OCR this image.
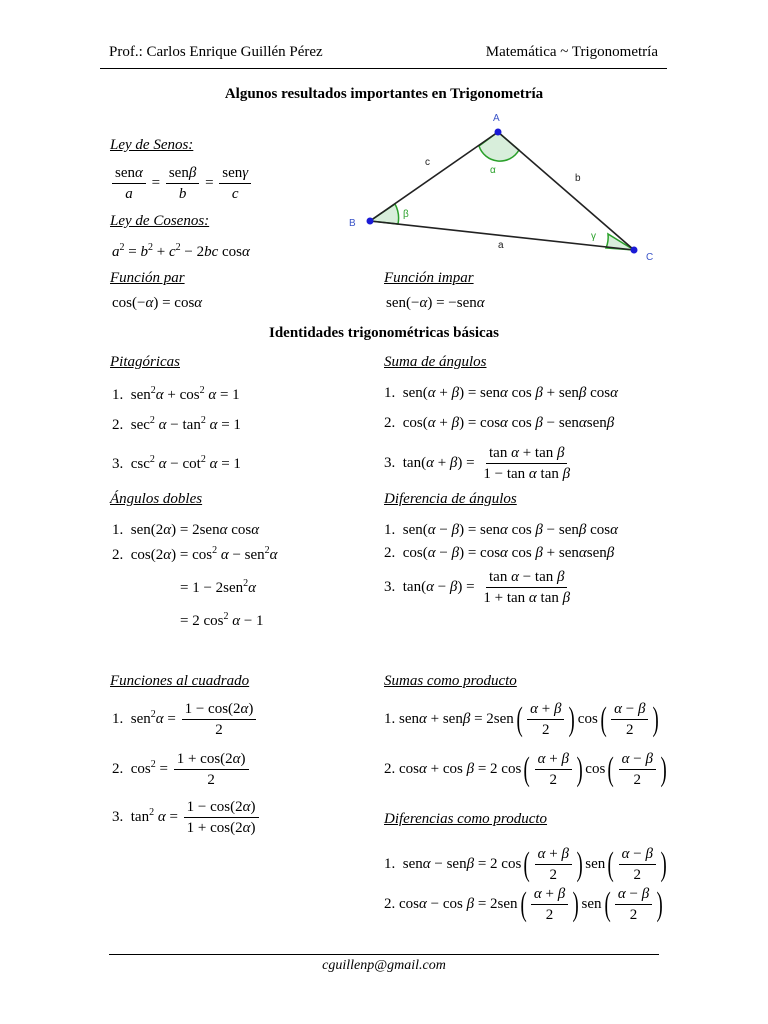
Prof.: Carlos Enrique Guillén Pérez	Matemática ~ Trigonometría
Algunos resultados importantes en Trigonometría
Ley de Senos:
$\frac{\text{senα}}{a} = \frac{\text{senβ}}{b} = \frac{\text{senγ}}{c}$
Ley de Cosenos:
$a^2 = b^2 + c^2 - 2bc$ cosα
A
B
C
c
b
a
α
β
γ
Función par	Función impar
cos(−α) = cosα	sen(−α) = −senα
Identidades trigonométricas básicas
Pitagóricas
1.  $sen^2\alpha + \cos^2 \alpha = 1$
2.  $\sec^2 \alpha - \tan^2 \alpha = 1$
3.  $\csc^2 \alpha - \cot^2 \alpha = 1$
Suma de ángulos
1.  sen(α + β) = senα cos β + senβ cosα
2.  cos(α + β) = cosα cos β − senαsenβ
3.  $\tan(\alpha + \beta) = \frac{\text{tan α + tan β}}{\text{1 − tan α tan β}}$
Ángulos dobles
1.  sen(2α) = 2senα cosα
2.  $\cos(2\alpha) = \cos^2 \alpha - sen^2\alpha$
= 1 − 2sen$^2$α
= 2 $\cos^2 \alpha - 1$
Diferencia de ángulos
1.  sen(α − β) = senα cos β − senβ cosα
2.  cos(α − β) = cosα cos β + senαsenβ
3.  $\tan(\alpha - \beta) = \frac{\text{tan α − tan β}}{\text{1 + tan α tan β}}$
Funciones al cuadrado
1.  $sen^2\alpha = \frac{1 - \cos(2\alpha)}{2}$
2.  $\cos^2 = \frac{1 + \cos(2\alpha)}{2}$
3.  $\tan^2 \alpha = \frac{1 - \cos(2\alpha)}{1 + \cos(2\alpha)}$
Sumas como producto
1. $sen\alpha + sen\beta = 2sen( \frac{\alpha + \beta}{2}$ ) $\cos( \frac{\alpha - \beta}{2}$ )
2. cosα + cos β = 2 $\cos( \frac{\alpha + \beta}{2}$ ) $\cos( \frac{\alpha - \beta}{2}$ )
Diferencias como producto
1.  senα − senβ = 2 $\cos( \frac{\alpha + \beta}{2}$ ) $sen( \frac{\alpha - \beta}{2}$ )
2. $\cos\alpha - \cos \beta = 2sen( \frac{\alpha + \beta}{2}$ ) $sen( \frac{\alpha - \beta}{2}$ )
cguillenp@gmail.com
